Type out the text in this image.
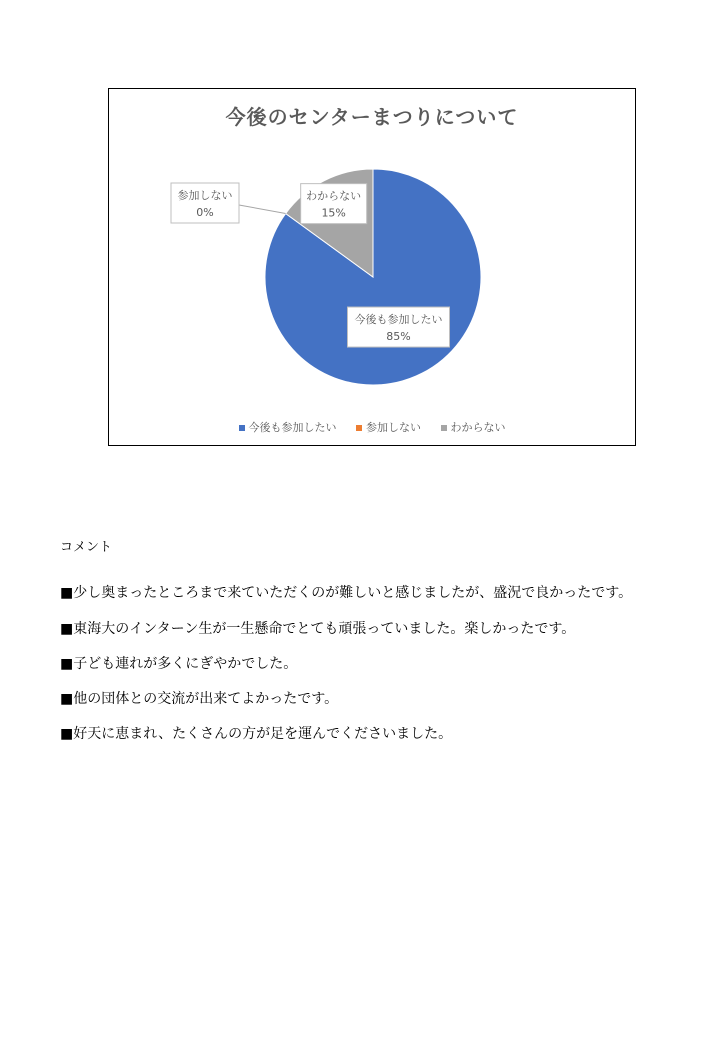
今後も参加したい
85%
参加しない
0%
わからない
15%
今後のセンターまつりについて
今後も参加したい	参加しない	わからない
コメント
■少し奥まったところまで来ていただくのが難しいと感じましたが、盛況で良かったです。
■東海大のインターン生が一生懸命でとても頑張っていました。楽しかったです。
■子ども連れが多くにぎやかでした。
■他の団体との交流が出来てよかったです。
■好天に恵まれ、たくさんの方が足を運んでくださいました。
